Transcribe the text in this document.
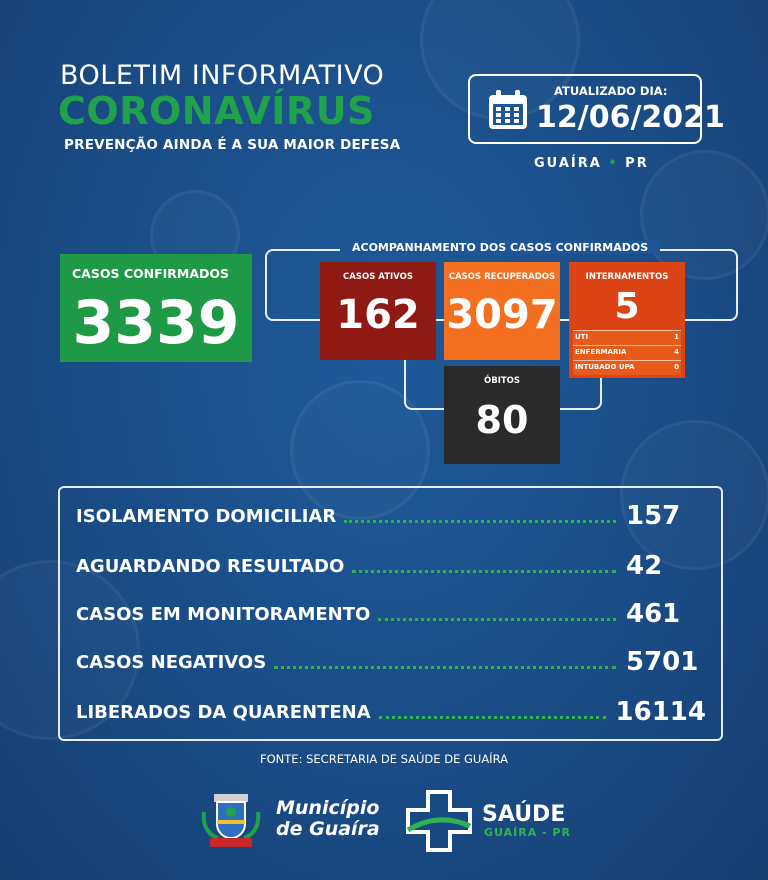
BOLETIM INFORMATIVO
CORONAVÍRUS
PREVENÇÃO AINDA É A SUA MAIOR DEFESA
ATUALIZADO DIA:
12/06/2021
GUAÍRA • PR
CASOS CONFIRMADOS
3339
ACOMPANHAMENTO DOS CASOS CONFIRMADOS
CASOS ATIVOS
162
CASOS RECUPERADOS
3097
INTERNAMENTOS
5
UTI	1
ENFERMARIA	4
INTUBADO UPA	0
ÓBITOS
80
ISOLAMENTO DOMICILIAR	157
AGUARDANDO RESULTADO	42
CASOS EM MONITORAMENTO	461
CASOS NEGATIVOS	5701
LIBERADOS DA QUARENTENA	16114
FONTE: SECRETARIA DE SAÚDE DE GUAÍRA
Município
de Guaíra
SAÚDE
GUAÍRA - PR
